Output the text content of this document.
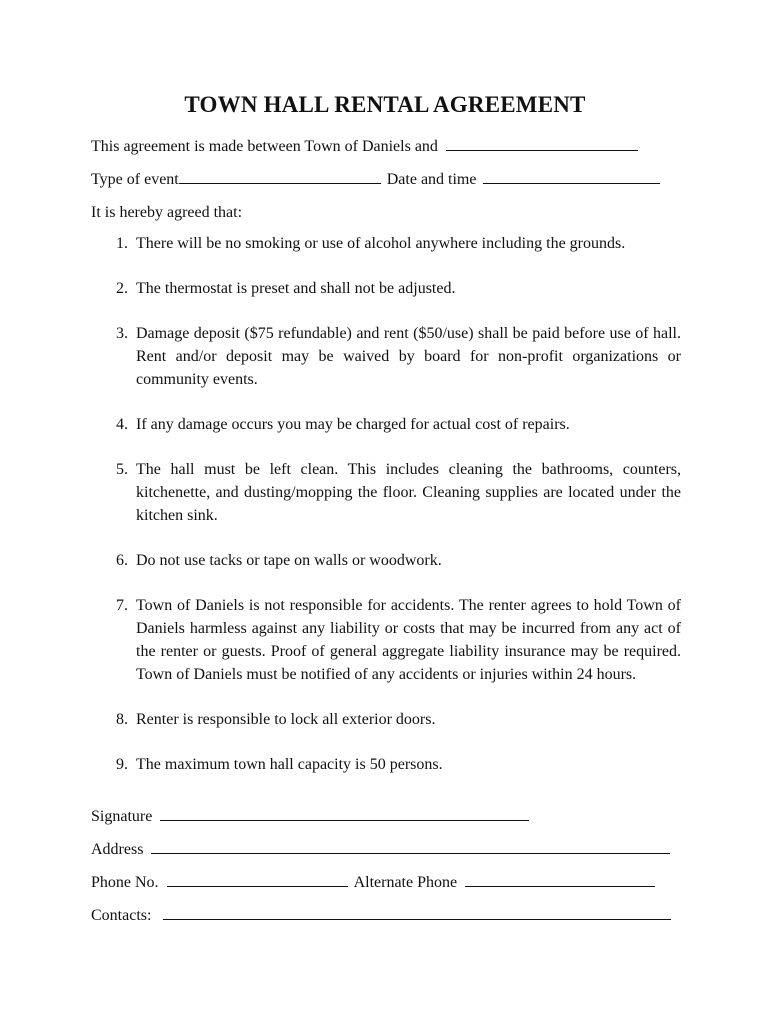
TOWN HALL RENTAL AGREEMENT
This agreement is made between Town of Daniels and
Type of event	Date and time
It is hereby agreed that:
1. There will be no smoking or use of alcohol anywhere including the grounds.
2. The thermostat is preset and shall not be adjusted.
3. Damage deposit ($75 refundable) and rent ($50/use) shall be paid before use of hall. Rent and/or deposit may be waived by board for non-profit organizations or community events.
4. If any damage occurs you may be charged for actual cost of repairs.
5. The hall must be left clean. This includes cleaning the bathrooms, counters, kitchenette, and dusting/mopping the floor. Cleaning supplies are located under the kitchen sink.
6. Do not use tacks or tape on walls or woodwork.
7. Town of Daniels is not responsible for accidents. The renter agrees to hold Town of Daniels harmless against any liability or costs that may be incurred from any act of the renter or guests. Proof of general aggregate liability insurance may be required. Town of Daniels must be notified of any accidents or injuries within 24 hours.
8. Renter is responsible to lock all exterior doors.
9. The maximum town hall capacity is 50 persons.
Signature
Address
Phone No.	Alternate Phone
Contacts:
